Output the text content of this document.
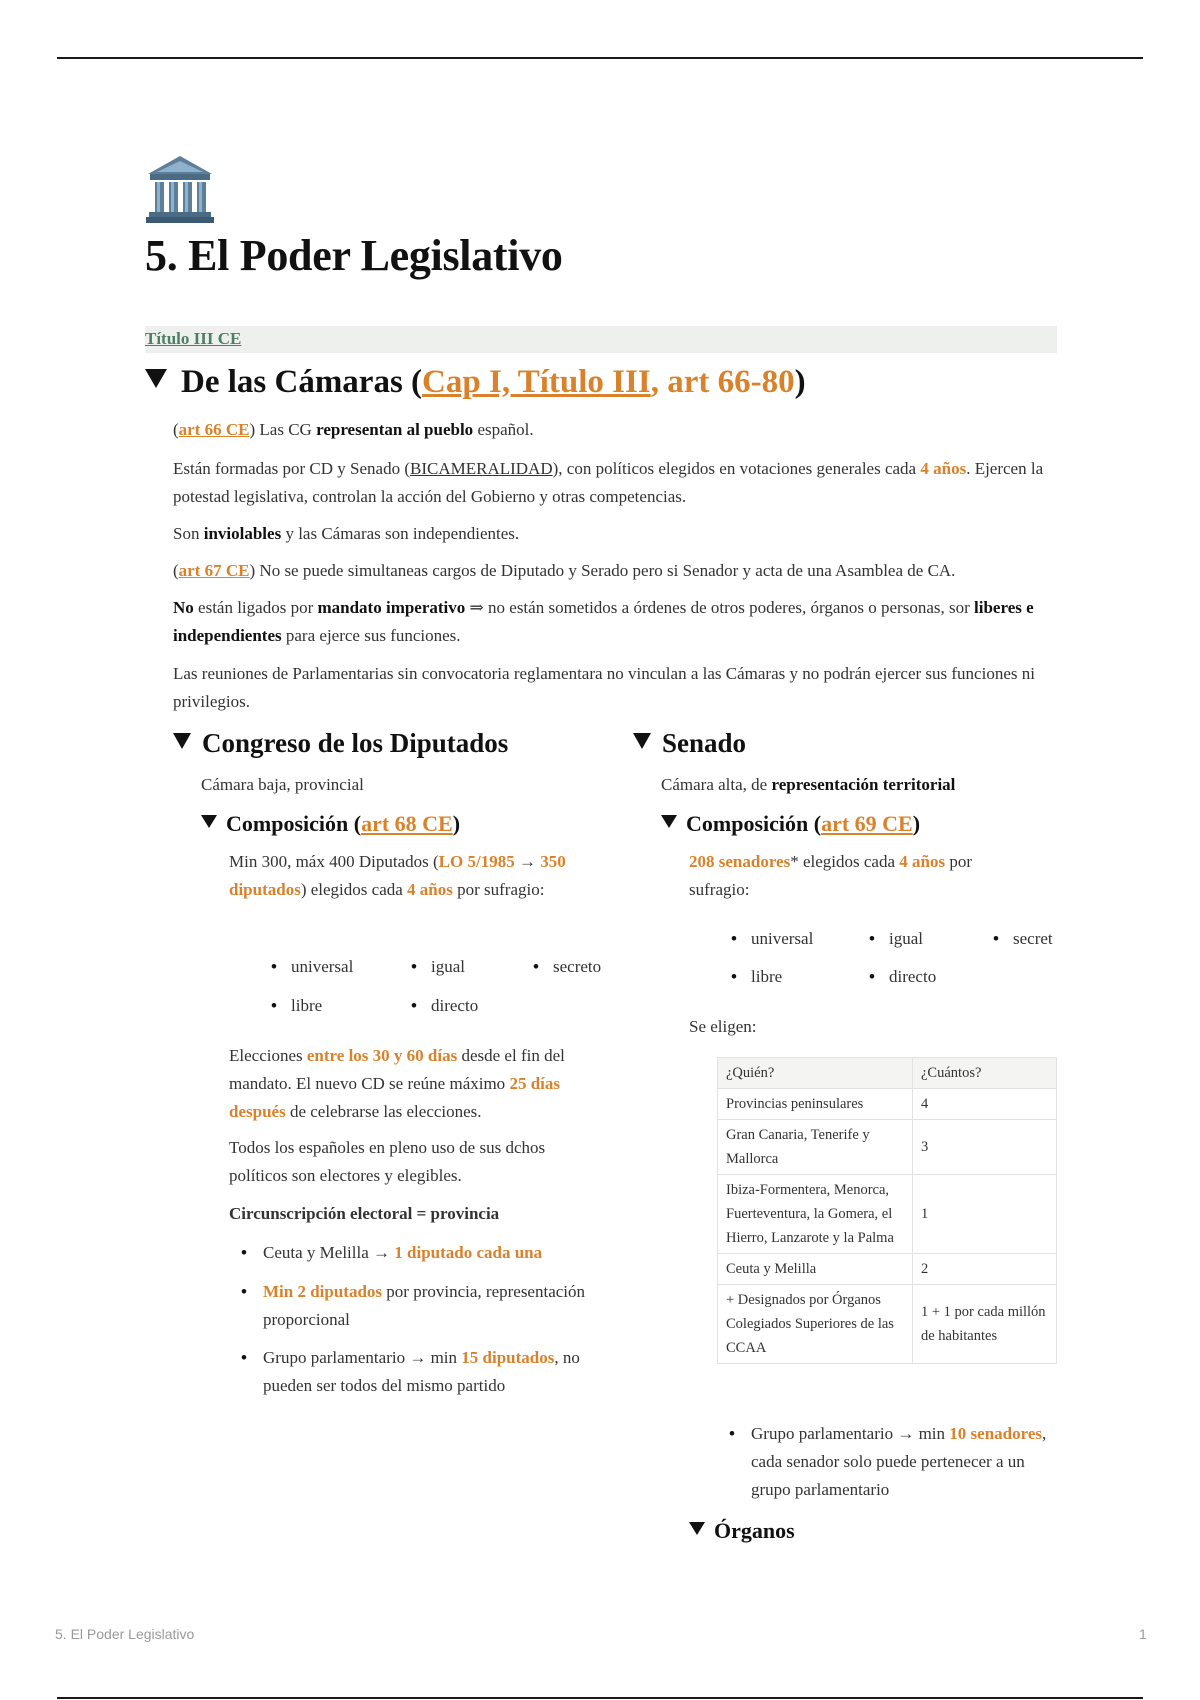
5. El Poder Legislativo
Título III CE
De las Cámaras (Cap I, Título III, art 66-80)
(art 66 CE) Las CG representan al pueblo español.
Están formadas por CD y Senado (BICAMERALIDAD), con políticos elegidos en votaciones generales cada 4 años. Ejercen la potestad legislativa, controlan la acción del Gobierno y otras competencias.
Son inviolables y las Cámaras son independientes.
(art 67 CE) No se puede simultaneas cargos de Diputado y Serado pero si Senador y acta de una Asamblea de CA.
No están ligados por mandato imperativo ⇒ no están sometidos a órdenes de otros poderes, órganos o personas, sor liberes e independientes para ejerce sus funciones.
Las reuniones de Parlamentarias sin convocatoria reglamentara no vinculan a las Cámaras y no podrán ejercer sus funciones ni privilegios.
Congreso de los Diputados
Cámara baja, provincial
Composición (art 68 CE)
Min 300, máx 400 Diputados (LO 5/1985 → 350 diputados) elegidos cada 4 años por sufragio:
• universal	• igual	• secreto
• libre	• directo
Elecciones entre los 30 y 60 días desde el fin del mandato. El nuevo CD se reúne máximo 25 días después de celebrarse las elecciones.
Todos los españoles en pleno uso de sus dchos políticos son electores y elegibles.
Circunscripción electoral = provincia
• Ceuta y Melilla → 1 diputado cada una
• Min 2 diputados por provincia, representación proporcional
• Grupo parlamentario → min 15 diputados, no pueden ser todos del mismo partido
Senado
Cámara alta, de representación territorial
Composición (art 69 CE)
208 senadores* elegidos cada 4 años por sufragio:
• universal	• igual	• secret
• libre	• directo
Se eligen:
¿Quién?	¿Cuántos?
Provincias peninsulares	4
Gran Canaria, Tenerife y Mallorca	3
Ibiza-Formentera, Menorca, Fuerteventura, la Gomera, el Hierro, Lanzarote y la Palma	1
Ceuta y Melilla	2
+ Designados por Órganos Colegiados Superiores de las CCAA	1 + 1 por cada millón de habitantes
• Grupo parlamentario → min 10 senadores, cada senador solo puede pertenecer a un grupo parlamentario
Órganos
5. El Poder Legislativo	1
